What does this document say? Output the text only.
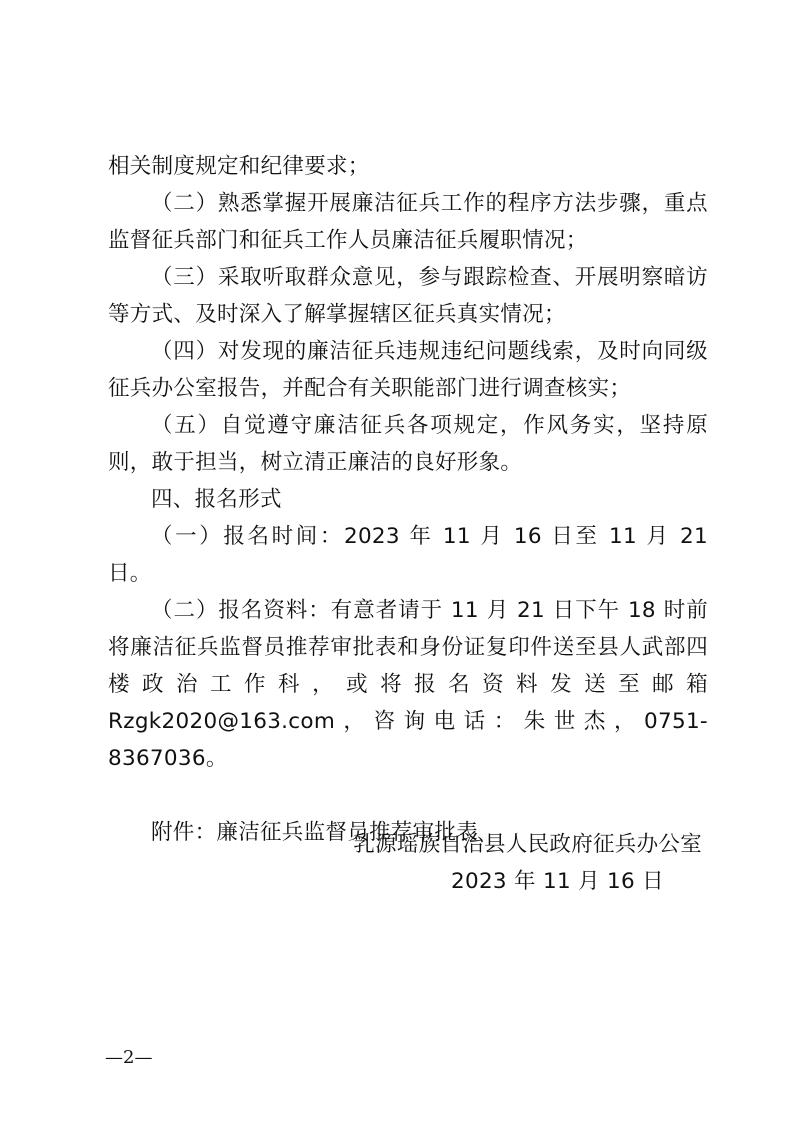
相关制度规定和纪律要求；

（二）熟悉掌握开展廉洁征兵工作的程序方法步骤，重点监督征兵部门和征兵工作人员廉洁征兵履职情况；

（三）采取听取群众意见，参与跟踪检查、开展明察暗访等方式、及时深入了解掌握辖区征兵真实情况；

（四）对发现的廉洁征兵违规违纪问题线索，及时向同级征兵办公室报告，并配合有关职能部门进行调查核实；

（五）自觉遵守廉洁征兵各项规定，作风务实，坚持原则，敢于担当，树立清正廉洁的良好形象。

四、报名形式

（一）报名时间：2023 年 11 月 16 日至 11 月 21 日。

（二）报名资料：有意者请于 11 月 21 日下午 18 时前将廉洁征兵监督员推荐审批表和身份证复印件送至县人武部四楼政治工作科，或将报名资料发送至邮箱 Rzgk2020@163.com，咨询电话：朱世杰，0751-8367036。

附件：廉洁征兵监督员推荐审批表

乳源瑶族自治县人民政府征兵办公室
2023 年 11 月 16 日
—2—
